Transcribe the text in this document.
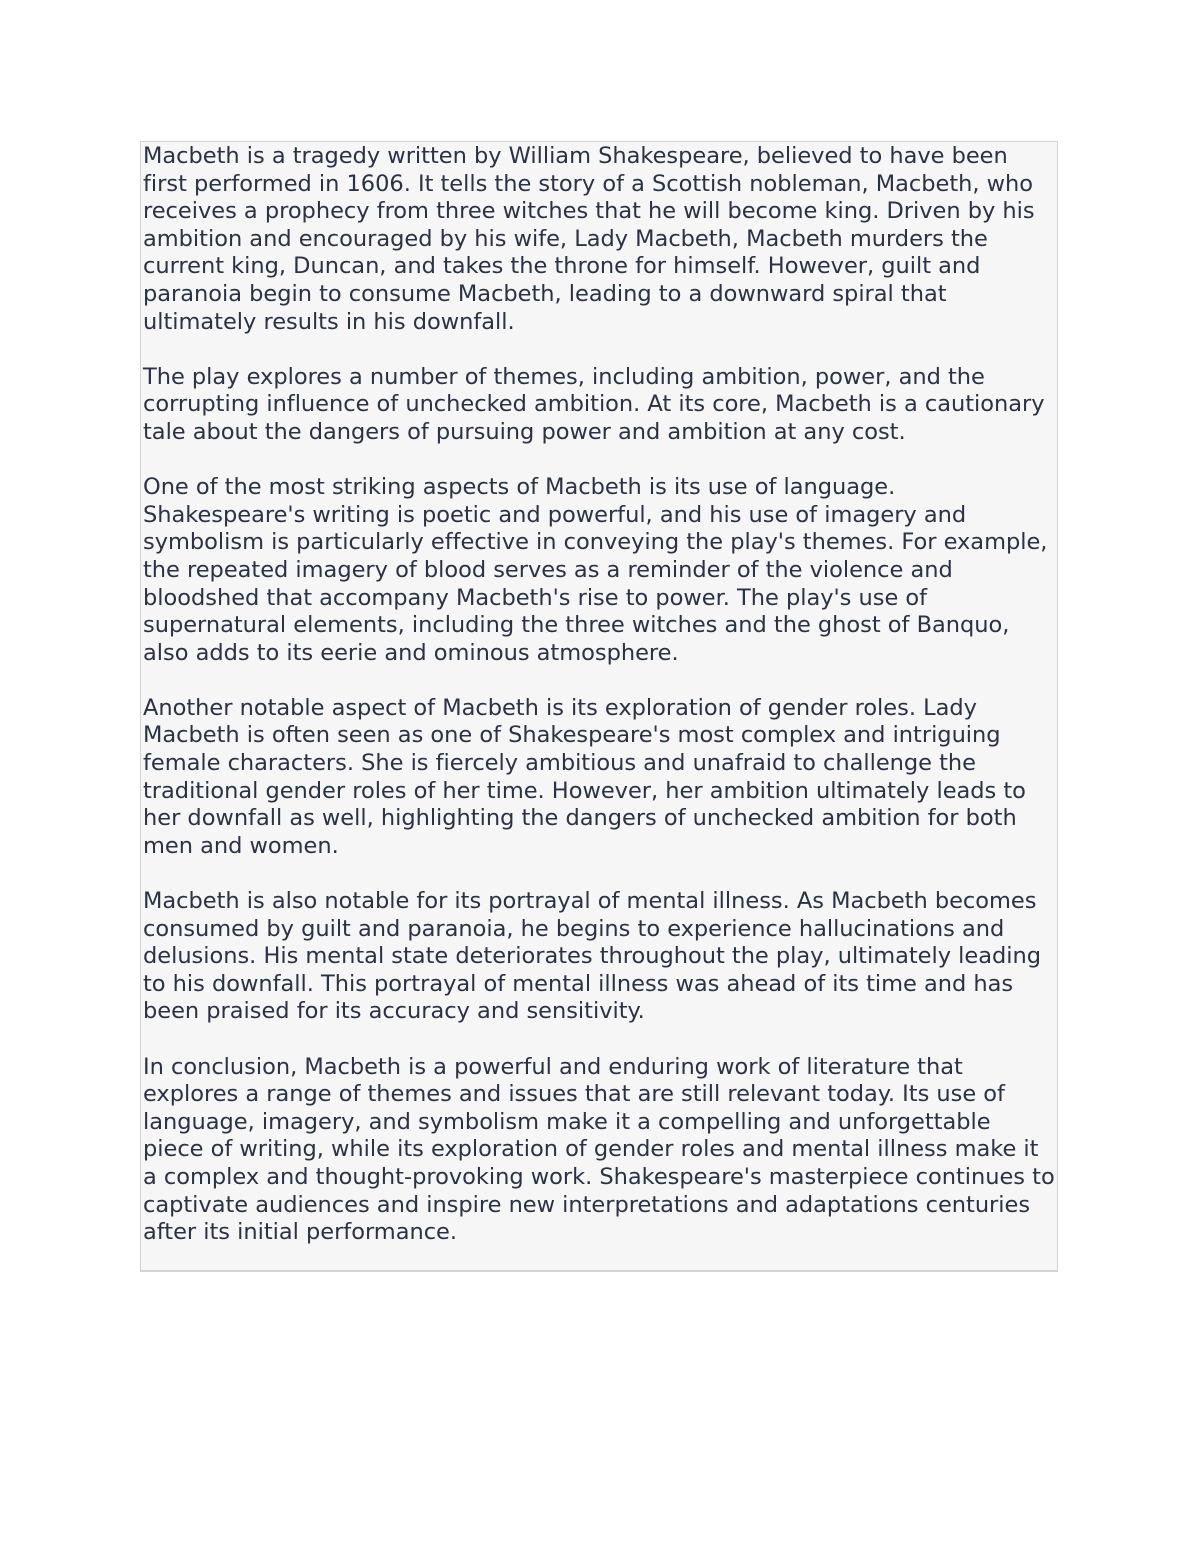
Macbeth is a tragedy written by William Shakespeare, believed to have been first performed in 1606. It tells the story of a Scottish nobleman, Macbeth, who receives a prophecy from three witches that he will become king. Driven by his ambition and encouraged by his wife, Lady Macbeth, Macbeth murders the current king, Duncan, and takes the throne for himself. However, guilt and paranoia begin to consume Macbeth, leading to a downward spiral that ultimately results in his downfall.

The play explores a number of themes, including ambition, power, and the corrupting influence of unchecked ambition. At its core, Macbeth is a cautionary tale about the dangers of pursuing power and ambition at any cost.

One of the most striking aspects of Macbeth is its use of language. Shakespeare's writing is poetic and powerful, and his use of imagery and symbolism is particularly effective in conveying the play's themes. For example, the repeated imagery of blood serves as a reminder of the violence and bloodshed that accompany Macbeth's rise to power. The play's use of supernatural elements, including the three witches and the ghost of Banquo, also adds to its eerie and ominous atmosphere.

Another notable aspect of Macbeth is its exploration of gender roles. Lady Macbeth is often seen as one of Shakespeare's most complex and intriguing female characters. She is fiercely ambitious and unafraid to challenge the traditional gender roles of her time. However, her ambition ultimately leads to her downfall as well, highlighting the dangers of unchecked ambition for both men and women.

Macbeth is also notable for its portrayal of mental illness. As Macbeth becomes consumed by guilt and paranoia, he begins to experience hallucinations and delusions. His mental state deteriorates throughout the play, ultimately leading to his downfall. This portrayal of mental illness was ahead of its time and has been praised for its accuracy and sensitivity.

In conclusion, Macbeth is a powerful and enduring work of literature that explores a range of themes and issues that are still relevant today. Its use of language, imagery, and symbolism make it a compelling and unforgettable piece of writing, while its exploration of gender roles and mental illness make it a complex and thought-provoking work. Shakespeare's masterpiece continues to captivate audiences and inspire new interpretations and adaptations centuries after its initial performance.
